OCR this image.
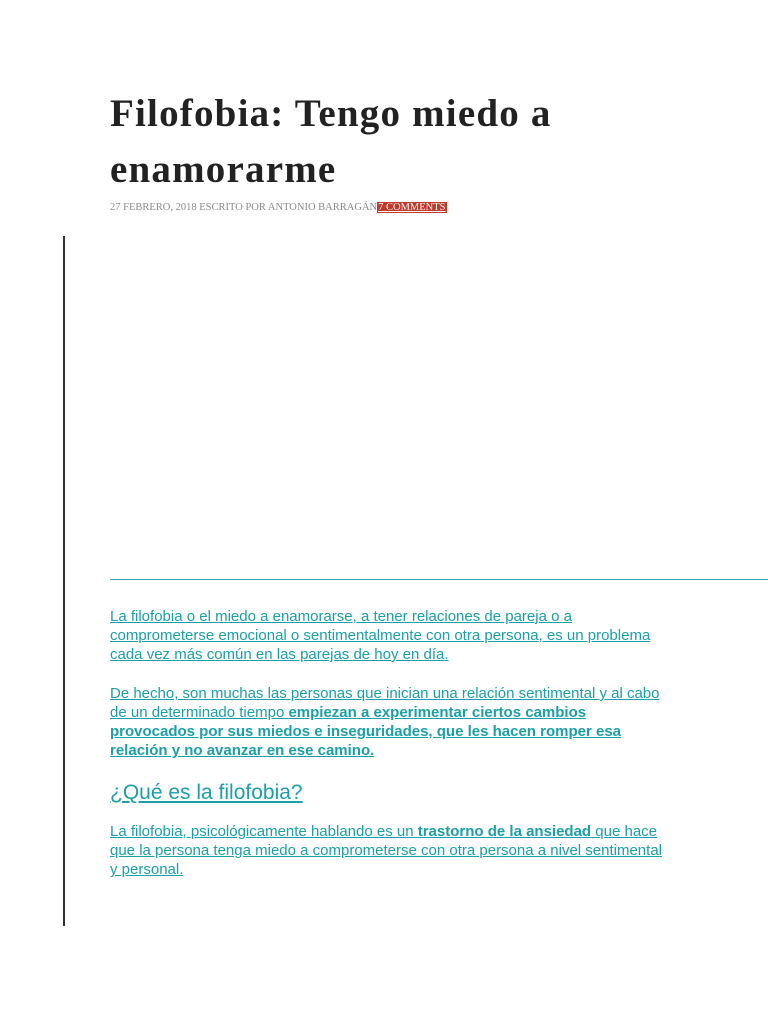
Filofobia: Tengo miedo a enamorarme
27 FEBRERO, 2018 ESCRITO POR ANTONIO BARRAGÁN7 COMMENTS

La filofobia o el miedo a enamorarse, a tener relaciones de pareja o a comprometerse emocional o sentimentalmente con otra persona, es un problema cada vez más común en las parejas de hoy en día.

De hecho, son muchas las personas que inician una relación sentimental y al cabo de un determinado tiempo empiezan a experimentar ciertos cambios provocados por sus miedos e inseguridades, que les hacen romper esa relación y no avanzar en ese camino.

¿Qué es la filofobia?

La filofobia, psicológicamente hablando es un trastorno de la ansiedad que hace que la persona tenga miedo a comprometerse con otra persona a nivel sentimental y personal.
